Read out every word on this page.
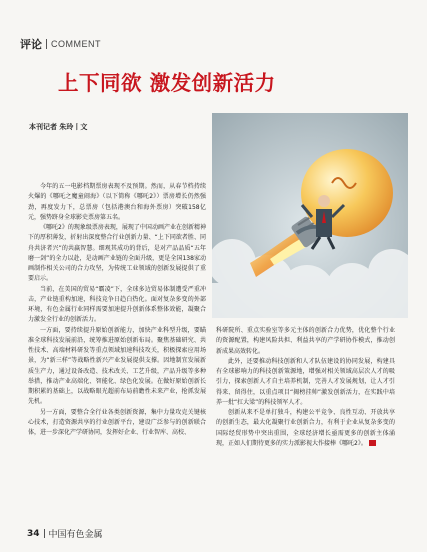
评论 COMMENT
上下同欲 激发创新活力
本刊记者 朱玲丨文

今年的五一电影档期票房表现不及预期。然而，从春节档持续火爆的《哪吒之魔童闹海》（以下简称《哪吒2》）票房增长仍然强劲，再度发力下，总票房（包括港澳台和海外票房）突破158亿元，强势跻身全球影史票房第五名。

《哪吒2》的现象级票房表现，展现了中国动画产业在创新精神下的厚积薄发，折射出深度整合行业创新力量、“上下同欲者胜、同舟共济者兴”的共赢智慧。细观其成功的背后，是对产品品质“五年磨一剑”的全力以赴，是动画产业链的全面升级，更是全国138家动画制作相关公司的合力攻坚，为传统工业领域的创新发展提供了重要启示。

当前，在美国的贸易“霸凌”下，全球多边贸易体制遭受严重冲击，产业链重构加速，科技竞争日趋白热化。面对复杂多变的外部环境，有色金属行业同样需要加速提升创新体系整体效能，凝聚合力激发全行业的创新活力。

一方面，要持续提升原始创新能力，加快产业科型升级，要瞄准全球科技发展前沿，统筹推进原始创新布局。聚焦基础研究、共性技术、高端材料研发等重点领域加速科技攻关，积极探索应用场景，为“新三样”等战略性新兴产业发展提供支撑。因地制宜发展新质生产力，通过设备改造、技术改关、工艺升级，产品升级等多种举措，推动产业高端化、智能化、绿色化发展。在做好原始创新长期积累的基础上，以战略眼光超前布局前瞻性未来产业，抢抓发展先机。

另一方面，要整合全行业各类创新资源，集中力量攻克关键核心技术，打造资源共享的行业创新平台，建设广泛参与的创新联合体，进一步深化产学研协同，发挥好企业、行业智库、高校、

科研院所、重点实验室等多元主体的创新合力优势，优化整个行业的资源配置，构建风险共担、利益共享的产学研协作模式，推动创新成果高效转化。

此外，还要推动科技创新和人才队伍建设的协同发展，构建具有全球影响力的科技创新策源地，增强对相关领域高层次人才的吸引力，探索创新人才自主培养机制，完善人才发展规划，让人才引得来、留得住，以重点项目“揭榜挂帅”激发创新活力，在实践中培养一批“扛大梁”的科技领军人才。

创新从来不是单打独斗，构建公平竞争、良性互动、开放共享的创新生态，最大化凝聚行业创新合力，有利于企业从复杂多变的国际经贸形势中突出重围，全球经济增长亟需更多的创新主体涌现，正如人们期待更多的实力派影视大作接棒《哪吒2》。

34 中国有色金属
